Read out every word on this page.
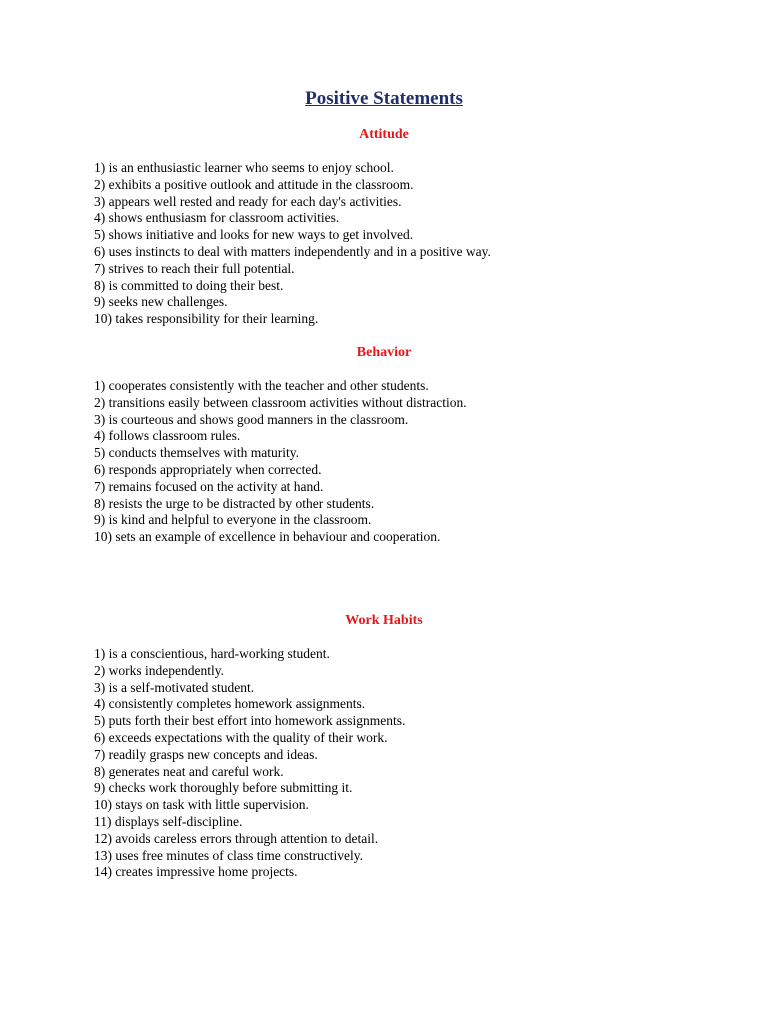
Positive Statements
Attitude
1) is an enthusiastic learner who seems to enjoy school.
2) exhibits a positive outlook and attitude in the classroom.
3) appears well rested and ready for each day's activities.
4) shows enthusiasm for classroom activities.
5) shows initiative and looks for new ways to get involved.
6) uses instincts to deal with matters independently and in a positive way.
7) strives to reach their full potential.
8) is committed to doing their best.
9) seeks new challenges.
10) takes responsibility for their learning.
Behavior
1) cooperates consistently with the teacher and other students.
2) transitions easily between classroom activities without distraction.
3) is courteous and shows good manners in the classroom.
4) follows classroom rules.
5) conducts themselves with maturity.
6) responds appropriately when corrected.
7) remains focused on the activity at hand.
8) resists the urge to be distracted by other students.
9) is kind and helpful to everyone in the classroom.
10) sets an example of excellence in behaviour and cooperation.
Work Habits
1) is a conscientious, hard-working student.
2) works independently.
3) is a self-motivated student.
4) consistently completes homework assignments.
5) puts forth their best effort into homework assignments.
6) exceeds expectations with the quality of their work.
7) readily grasps new concepts and ideas.
8) generates neat and careful work.
9) checks work thoroughly before submitting it.
10) stays on task with little supervision.
11) displays self-discipline.
12) avoids careless errors through attention to detail.
13) uses free minutes of class time constructively.
14) creates impressive home projects.
